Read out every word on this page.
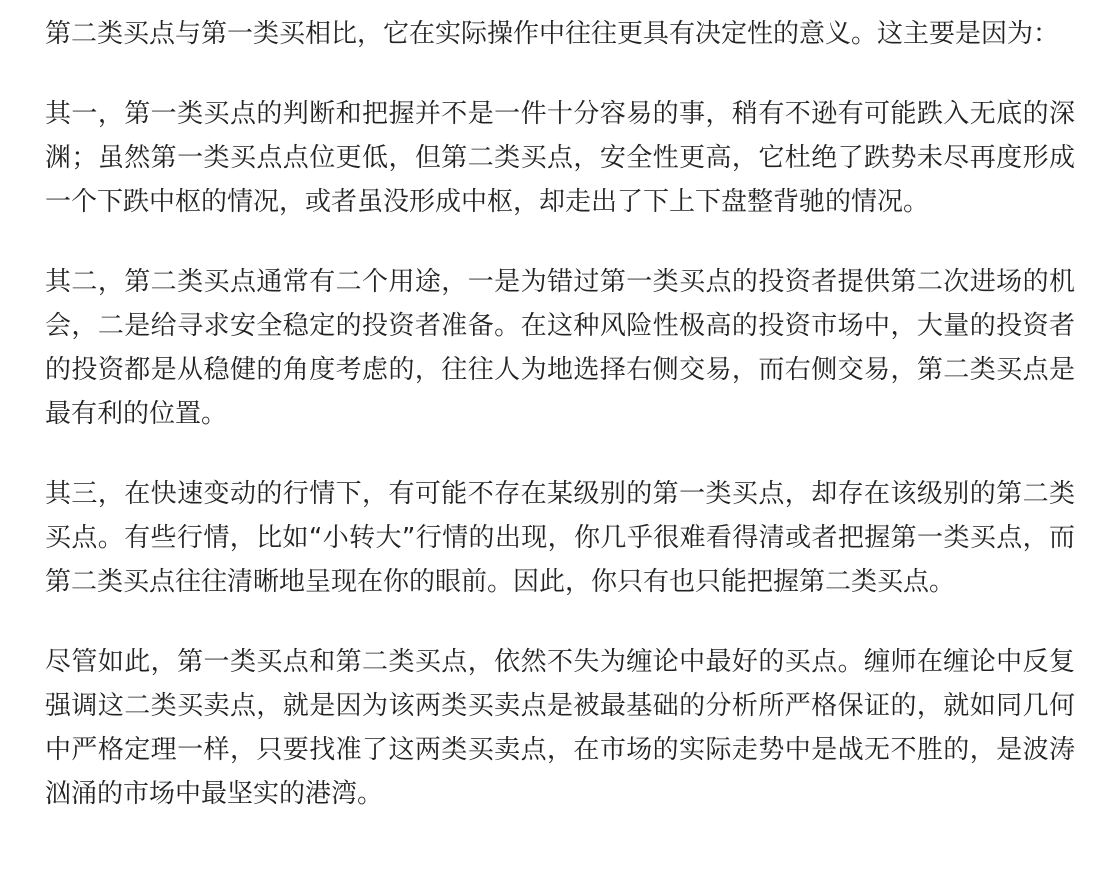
第二类买点与第一类买相比，它在实际操作中往往更具有决定性的意义。这主要是因为：

其一，第一类买点的判断和把握并不是一件十分容易的事，稍有不逊有可能跌入无底的深渊；虽然第一类买点点位更低，但第二类买点，安全性更高，它杜绝了跌势未尽再度形成一个下跌中枢的情况，或者虽没形成中枢，却走出了下上下盘整背驰的情况。

其二，第二类买点通常有二个用途，一是为错过第一类买点的投资者提供第二次进场的机会，二是给寻求安全稳定的投资者准备。在这种风险性极高的投资市场中，大量的投资者的投资都是从稳健的角度考虑的，往往人为地选择右侧交易，而右侧交易，第二类买点是最有利的位置。

其三，在快速变动的行情下，有可能不存在某级别的第一类买点，却存在该级别的第二类买点。有些行情，比如“小转大”行情的出现，你几乎很难看得清或者把握第一类买点，而第二类买点往往清晰地呈现在你的眼前。因此，你只有也只能把握第二类买点。

尽管如此，第一类买点和第二类买点，依然不失为缠论中最好的买点。缠师在缠论中反复强调这二类买卖点，就是因为该两类买卖点是被最基础的分析所严格保证的，就如同几何中严格定理一样，只要找准了这两类买卖点，在市场的实际走势中是战无不胜的，是波涛汹涌的市场中最坚实的港湾。
